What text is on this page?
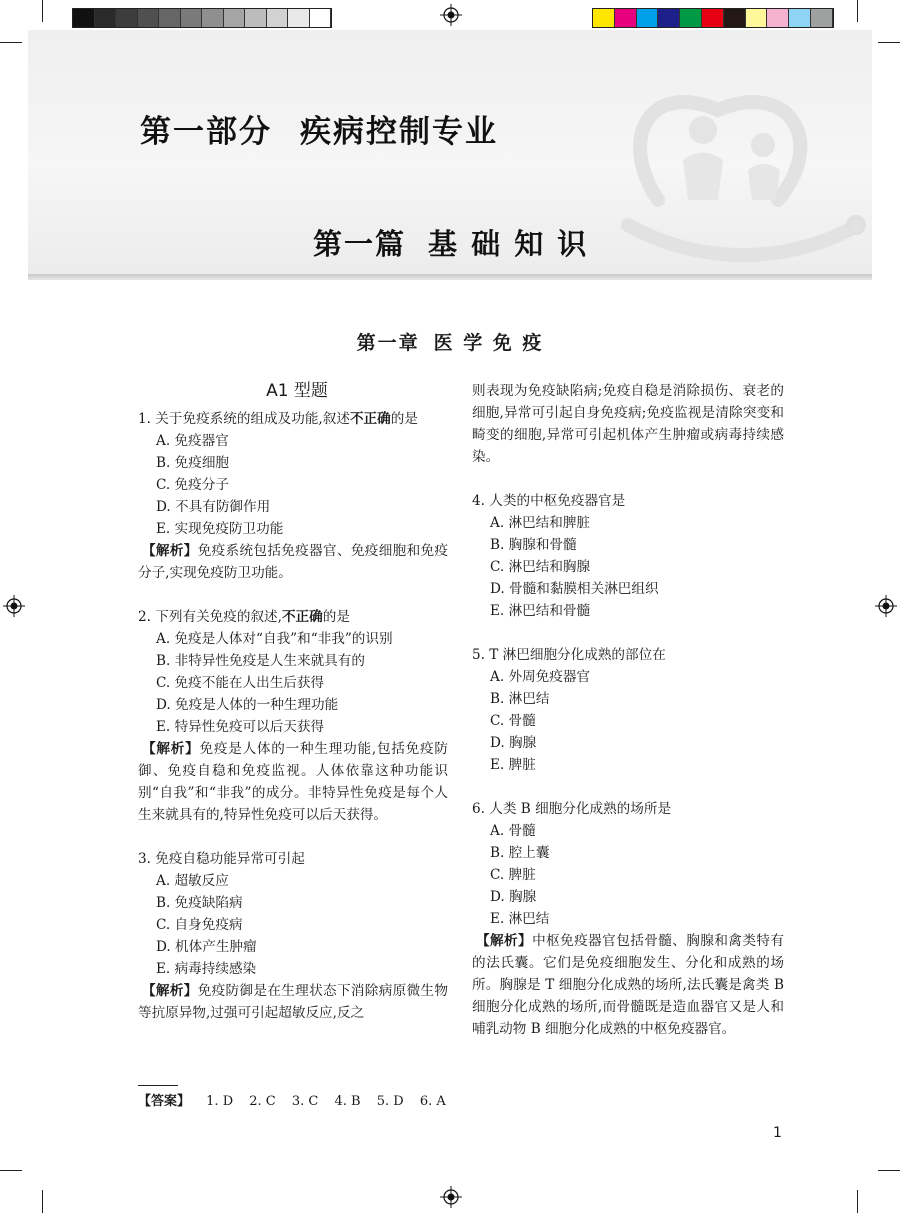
第一部分 疾病控制专业
第一篇 基 础 知 识
第一章 医 学 免 疫
A1 型题
1. 关于免疫系统的组成及功能,叙述不正确的是
A. 免疫器官
B. 免疫细胞
C. 免疫分子
D. 不具有防御作用
E. 实现免疫防卫功能
【解析】免疫系统包括免疫器官、免疫细胞和免疫分子,实现免疫防卫功能。
2. 下列有关免疫的叙述,不正确的是
A. 免疫是人体对“自我”和“非我”的识别
B. 非特异性免疫是人生来就具有的
C. 免疫不能在人出生后获得
D. 免疫是人体的一种生理功能
E. 特异性免疫可以后天获得
【解析】免疫是人体的一种生理功能,包括免疫防御、免疫自稳和免疫监视。人体依靠这种功能识别“自我”和“非我”的成分。非特异性免疫是每个人生来就具有的,特异性免疫可以后天获得。
3. 免疫自稳功能异常可引起
A. 超敏反应
B. 免疫缺陷病
C. 自身免疫病
D. 机体产生肿瘤
E. 病毒持续感染
【解析】免疫防御是在生理状态下消除病原微生物等抗原异物,过强可引起超敏反应,反之
则表现为免疫缺陷病;免疫自稳是消除损伤、衰老的细胞,异常可引起自身免疫病;免疫监视是清除突变和畸变的细胞,异常可引起机体产生肿瘤或病毒持续感染。
4. 人类的中枢免疫器官是
A. 淋巴结和脾脏
B. 胸腺和骨髓
C. 淋巴结和胸腺
D. 骨髓和黏膜相关淋巴组织
E. 淋巴结和骨髓
5. T 淋巴细胞分化成熟的部位在
A. 外周免疫器官
B. 淋巴结
C. 骨髓
D. 胸腺
E. 脾脏
6. 人类 B 细胞分化成熟的场所是
A. 骨髓
B. 腔上囊
C. 脾脏
D. 胸腺
E. 淋巴结
【解析】中枢免疫器官包括骨髓、胸腺和禽类特有的法氏囊。它们是免疫细胞发生、分化和成熟的场所。胸腺是 T 细胞分化成熟的场所,法氏囊是禽类 B 细胞分化成熟的场所,而骨髓既是造血器官又是人和哺乳动物 B 细胞分化成熟的中枢免疫器官。
【答案】 1. D 2. C 3. C 4. B 5. D 6. A
1
